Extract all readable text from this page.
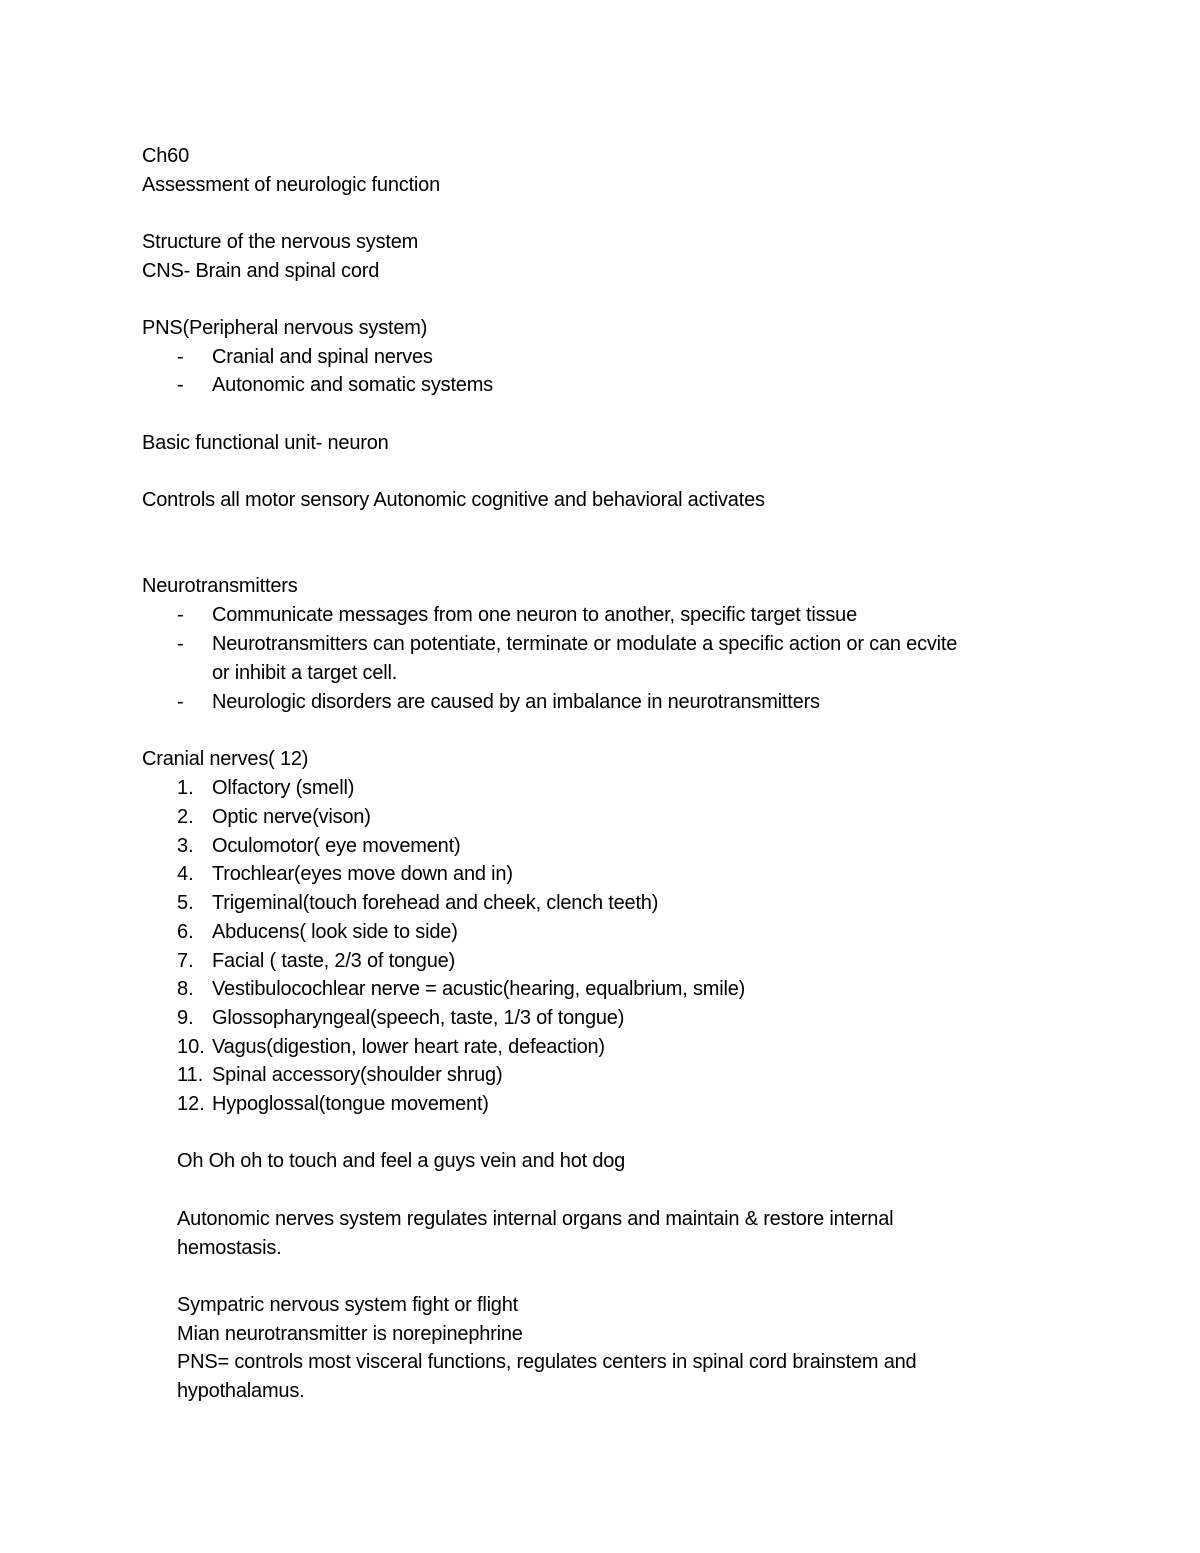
Ch60
Assessment of neurologic function
Structure of the nervous system
CNS- Brain and spinal cord
PNS(Peripheral nervous system)
- Cranial and spinal nerves
- Autonomic and somatic systems
Basic functional unit- neuron
Controls all motor sensory Autonomic cognitive and behavioral activates
Neurotransmitters
- Communicate messages from one neuron to another, specific target tissue
- Neurotransmitters can potentiate, terminate or modulate a specific action or can ecvite
or inhibit a target cell.
- Neurologic disorders are caused by an imbalance in neurotransmitters
Cranial nerves( 12)
1. Olfactory (smell)
2. Optic nerve(vison)
3. Oculomotor( eye movement)
4. Trochlear(eyes move down and in)
5. Trigeminal(touch forehead and cheek, clench teeth)
6. Abducens( look side to side)
7. Facial ( taste, 2/3 of tongue)
8. Vestibulocochlear nerve = acustic(hearing, equalbrium, smile)
9. Glossopharyngeal(speech, taste, 1/3 of tongue)
10. Vagus(digestion, lower heart rate, defeaction)
11. Spinal accessory(shoulder shrug)
12. Hypoglossal(tongue movement)
Oh Oh oh to touch and feel a guys vein and hot dog
Autonomic nerves system regulates internal organs and maintain & restore internal
hemostasis.
Sympatric nervous system fight or flight
Mian neurotransmitter is norepinephrine
PNS= controls most visceral functions, regulates centers in spinal cord brainstem and
hypothalamus.
